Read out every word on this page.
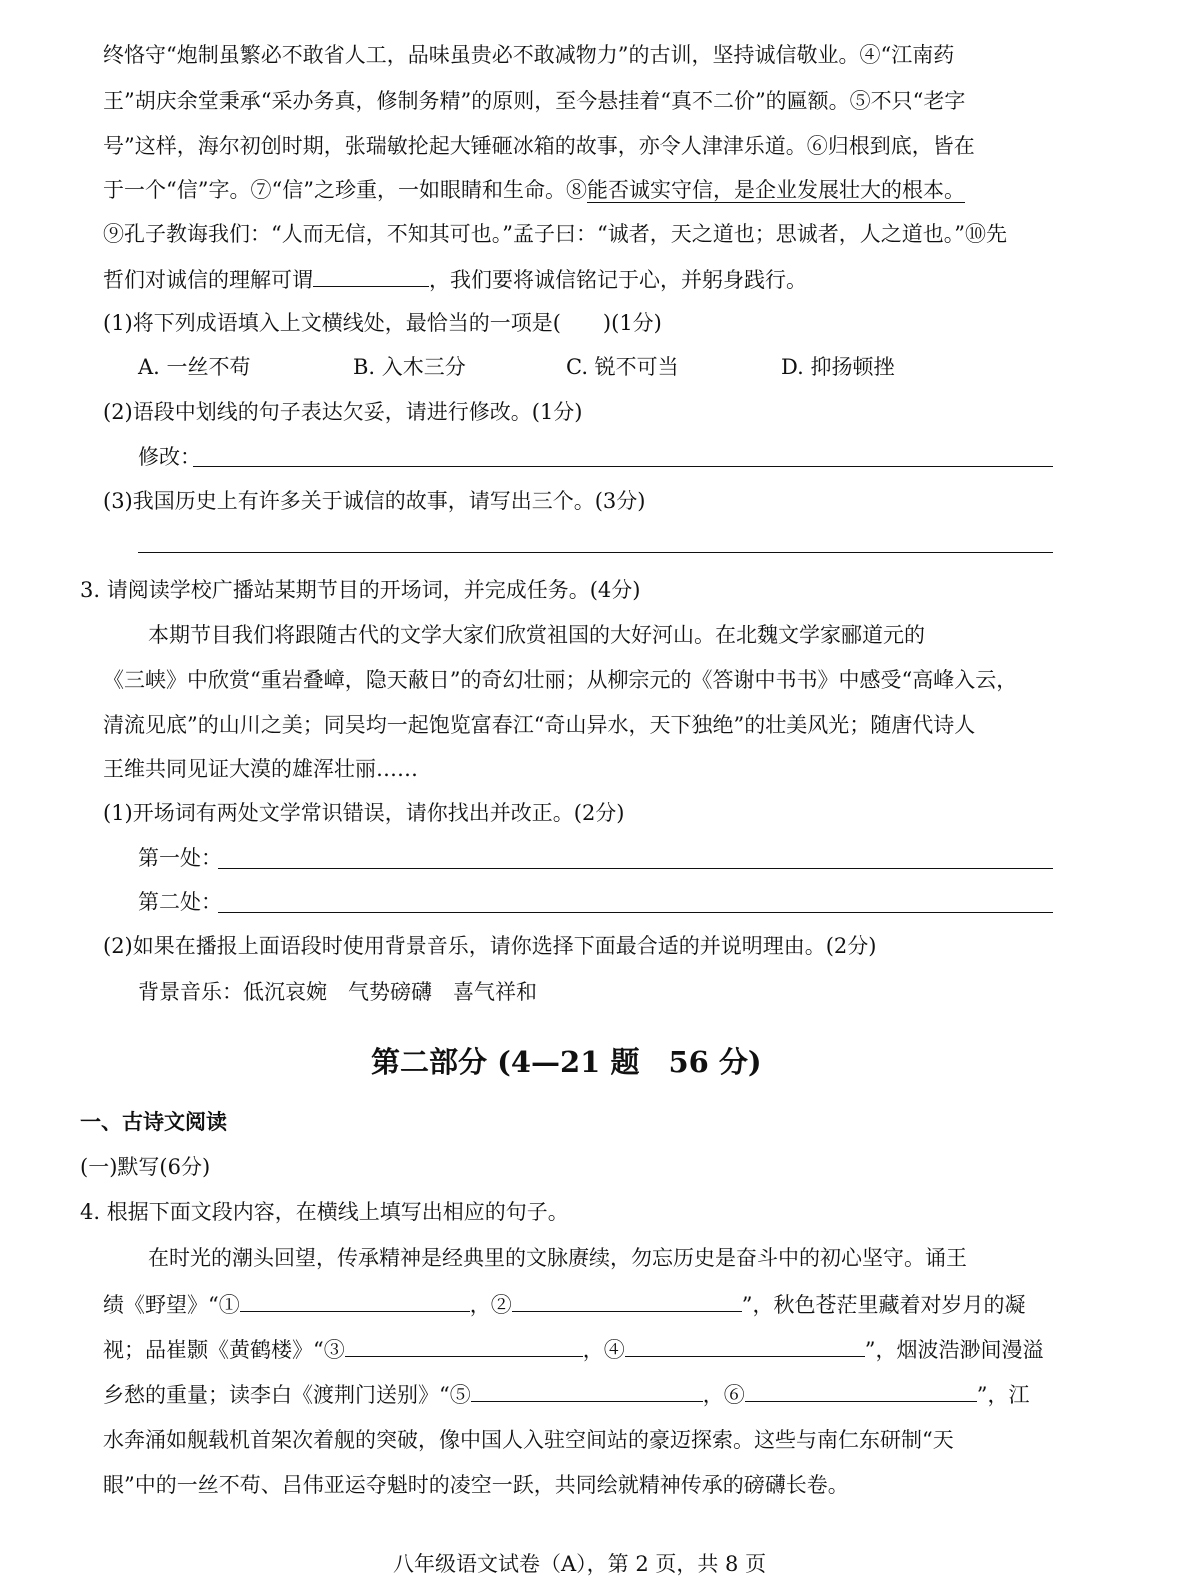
终恪守“炮制虽繁必不敢省人工，品味虽贵必不敢减物力”的古训，坚持诚信敬业。④“江南药
王”胡庆余堂秉承“采办务真，修制务精”的原则，至今悬挂着“真不二价”的匾额。⑤不只“老字
号”这样，海尔初创时期，张瑞敏抡起大锤砸冰箱的故事，亦令人津津乐道。⑥归根到底，皆在
于一个“信”字。⑦“信”之珍重，一如眼睛和生命。⑧能否诚实守信，是企业发展壮大的根本。
⑨孔子教诲我们：“人而无信，不知其可也。”孟子曰：“诚者，天之道也；思诚者，人之道也。”⑩先
哲们对诚信的理解可谓	，我们要将诚信铭记于心，并躬身践行。
(1)将下列成语填入上文横线处，最恰当的一项是(　　)(1分)
A. 一丝不苟	B. 入木三分	C. 锐不可当	D. 抑扬顿挫
(2)语段中划线的句子表达欠妥，请进行修改。(1分)
修改：
(3)我国历史上有许多关于诚信的故事，请写出三个。(3分)
3. 请阅读学校广播站某期节目的开场词，并完成任务。(4分)
本期节目我们将跟随古代的文学大家们欣赏祖国的大好河山。在北魏文学家郦道元的
《三峡》中欣赏“重岩叠嶂，隐天蔽日”的奇幻壮丽；从柳宗元的《答谢中书书》中感受“高峰入云，
清流见底”的山川之美；同吴均一起饱览富春江“奇山异水，天下独绝”的壮美风光；随唐代诗人
王维共同见证大漠的雄浑壮丽……
(1)开场词有两处文学常识错误，请你找出并改正。(2分)
第一处：
第二处：
(2)如果在播报上面语段时使用背景音乐，请你选择下面最合适的并说明理由。(2分)
背景音乐：低沉哀婉　气势磅礴　喜气祥和
第二部分 (4—21 题　56 分)
一、古诗文阅读
(一)默写(6分)
4. 根据下面文段内容，在横线上填写出相应的句子。
在时光的潮头回望，传承精神是经典里的文脉赓续，勿忘历史是奋斗中的初心坚守。诵王
绩《野望》“①	，②	”，秋色苍茫里藏着对岁月的凝
视；品崔颢《黄鹤楼》“③	，④	”，烟波浩渺间漫溢
乡愁的重量；读李白《渡荆门送别》“⑤	，⑥	”，江
水奔涌如舰载机首架次着舰的突破，像中国人入驻空间站的豪迈探索。这些与南仁东研制“天
眼”中的一丝不苟、吕伟亚运夺魁时的凌空一跃，共同绘就精神传承的磅礴长卷。
八年级语文试卷（A），第 2 页，共 8 页
